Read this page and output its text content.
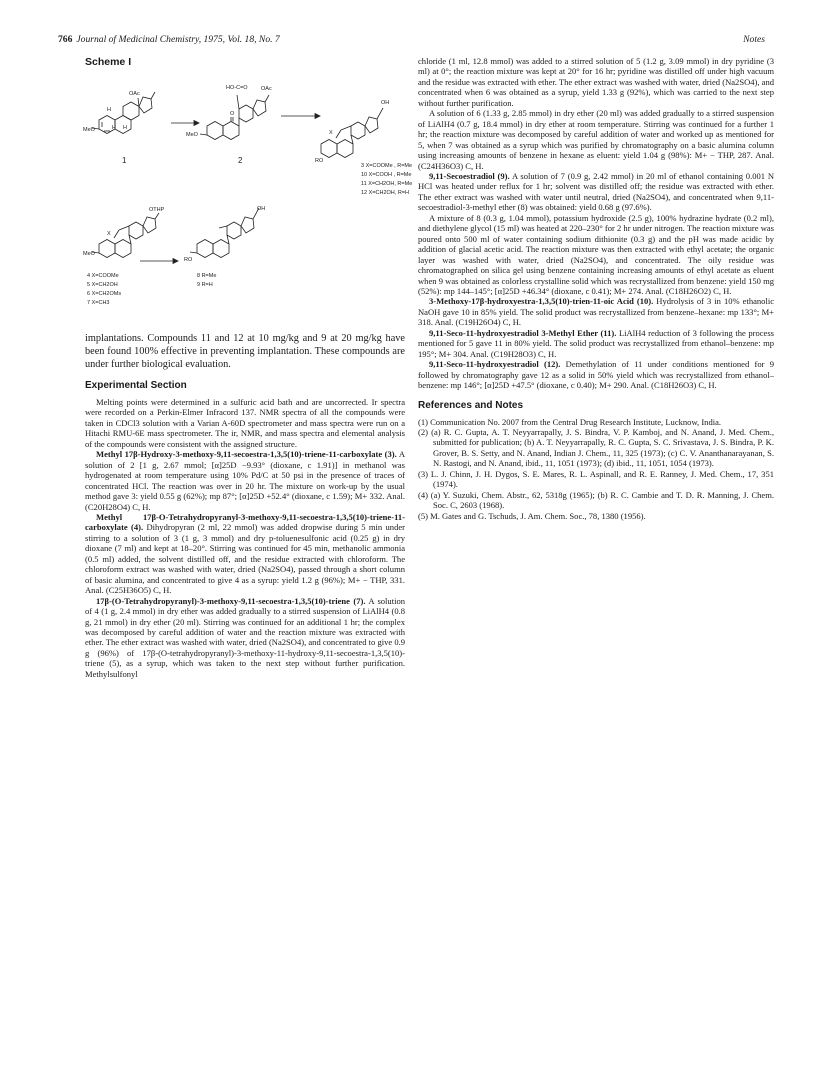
766 Journal of Medicinal Chemistry, 1975, Vol. 18, No. 7	Notes
Scheme I
OAc
HO-C=O OAc
OH
H
H H
O
MeO
MeO
RO
X
1	2
3 X=COOMe , R=Me
10 X=COOH , R=Me
11 X=CH2OH, R=Me
12 X=CH2OH, R=H
OTHP	OH
X
MeO
RO
4 X=COOMe
5 X=CH2OH
6 X=CH2OMs
7 X=CH3
8 R=Me
9 R=H

implantations. Compounds 11 and 12 at 10 mg/kg and 9 at 20 mg/kg have been found 100% effective in preventing implantation. These compounds are under further biological evaluation.

Experimental Section

Melting points were determined in a sulfuric acid bath and are uncorrected. Ir spectra were recorded on a Perkin-Elmer Infracord 137. NMR spectra of all the compounds were taken in CDCl3 solution with a Varian A-60D spectrometer and mass spectra were run on a Hitachi RMU-6E mass spectrometer. The ir, NMR, and mass spectra and elemental analysis of the compounds were consistent with the assigned structure.

Methyl 17β-Hydroxy-3-methoxy-9,11-secoestra-1,3,5(10)-triene-11-carboxylate (3). A solution of 2 [1 g, 2.67 mmol; [α]25D −9.93° (dioxane, c 1.91)] in methanol was hydrogenated at room temperature using 10% Pd/C at 50 psi in the presence of traces of concentrated HCl. The reaction was over in 20 hr. The mixture on work-up by the usual method gave 3: yield 0.55 g (62%); mp 87°; [α]25D +52.4° (dioxane, c 1.59); M+ 332. Anal. (C20H28O4) C, H.

Methyl 17β-O-Tetrahydropyranyl-3-methoxy-9,11-secoestra-1,3,5(10)-triene-11-carboxylate (4). Dihydropyran (2 ml, 22 mmol) was added dropwise during 5 min under stirring to a solution of 3 (1 g, 3 mmol) and dry p-toluenesulfonic acid (0.25 g) in dry dioxane (7 ml) and kept at 18–20°. Stirring was continued for 45 min, methanolic ammonia (0.5 ml) added, the solvent distilled off, and the residue extracted with chloroform. The chloroform extract was washed with water, dried (Na2SO4), passed through a short column of basic alumina, and concentrated to give 4 as a syrup: yield 1.2 g (96%); M+ − THP, 331. Anal. (C25H36O5) C, H.

17β-(O-Tetrahydropyranyl)-3-methoxy-9,11-secoestra-1,3,5(10)-triene (7). A solution of 4 (1 g, 2.4 mmol) in dry ether was added gradually to a stirred suspension of LiAlH4 (0.8 g, 21 mmol) in dry ether (20 ml). Stirring was continued for an additional 1 hr; the complex was decomposed by careful addition of water and the reaction mixture was extracted with ether. The ether extract was washed with water, dried (Na2SO4), and concentrated to give 0.9 g (96%) of 17β-(O-tetrahydropyranyl)-3-methoxy-11-hydroxy-9,11-secoestra-1,3,5(10)-triene (5), as a syrup, which was taken to the next step without further purification. Methylsulfonyl

chloride (1 ml, 12.8 mmol) was added to a stirred solution of 5 (1.2 g, 3.09 mmol) in dry pyridine (3 ml) at 0°; the reaction mixture was kept at 20° for 16 hr; pyridine was distilled off under high vacuum and the residue was extracted with ether. The ether extract was washed with water, dried (Na2SO4), and concentrated when 6 was obtained as a syrup, yield 1.33 g (92%), which was carried to the next step without further purification.

A solution of 6 (1.33 g, 2.85 mmol) in dry ether (20 ml) was added gradually to a stirred suspension of LiAlH4 (0.7 g, 18.4 mmol) in dry ether at room temperature. Stirring was continued for a further 1 hr; the reaction mixture was decomposed by careful addition of water and worked up as mentioned for 5, when 7 was obtained as a syrup which was purified by chromatography on a basic alumina column using increasing amounts of benzene in hexane as eluent: yield 1.04 g (98%): M+ − THP, 287. Anal. (C24H36O3) C, H.

9,11-Secoestradiol (9). A solution of 7 (0.9 g, 2.42 mmol) in 20 ml of ethanol containing 0.001 N HCl was heated under reflux for 1 hr; solvent was distilled off; the residue was extracted with ether. The ether extract was washed with water until neutral, dried (Na2SO4), and concentrated when 9,11-secoestradiol-3-methyl ether (8) was obtained: yield 0.68 g (97.6%).

A mixture of 8 (0.3 g, 1.04 mmol), potassium hydroxide (2.5 g), 100% hydrazine hydrate (0.2 ml), and diethylene glycol (15 ml) was heated at 220–230° for 2 hr under nitrogen. The reaction mixture was poured onto 500 ml of water containing sodium dithionite (0.3 g) and the pH was made acidic by addition of glacial acetic acid. The reaction mixture was then extracted with ethyl acetate; the organic layer was washed with water, dried (Na2SO4), and concentrated. The oily residue was chromatographed on silica gel using benzene containing increasing amounts of ethyl acetate as eluent when 9 was obtained as colorless crystalline solid which was recrystallized from benzene: yield 150 mg (52%): mp 144–145°; [α]25D +46.34° (dioxane, c 0.41); M+ 274. Anal. (C18H26O2) C, H.

3-Methoxy-17β-hydroxyestra-1,3,5(10)-trien-11-oic Acid (10). Hydrolysis of 3 in 10% ethanolic NaOH gave 10 in 85% yield. The solid product was recrystallized from benzene–hexane: mp 133°; M+ 318. Anal. (C19H26O4) C, H.

9,11-Seco-11-hydroxyestradiol 3-Methyl Ether (11). LiAlH4 reduction of 3 following the process mentioned for 5 gave 11 in 80% yield. The solid product was recrystallized from ethanol–benzene: mp 195°; M+ 304. Anal. (C19H28O3) C, H.

9,11-Seco-11-hydroxyestradiol (12). Demethylation of 11 under conditions mentioned for 9 followed by chromatography gave 12 as a solid in 50% yield which was recrystallized from ethanol–benzene: mp 146°; [α]25D +47.5° (dioxane, c 0.40); M+ 290. Anal. (C18H26O3) C, H.

References and Notes

(1) Communication No. 2007 from the Central Drug Research Institute, Lucknow, India.

(2) (a) R. C. Gupta, A. T. Neyyarrapally, J. S. Bindra, V. P. Kamboj, and N. Anand, J. Med. Chem., submitted for publication; (b) A. T. Neyyarrapally, R. C. Gupta, S. C. Srivastava, J. S. Bindra, P. K. Grover, B. S. Setty, and N. Anand, Indian J. Chem., 11, 325 (1973); (c) C. V. Ananthanarayanan, S. N. Rastogi, and N. Anand, ibid., 11, 1051 (1973); (d) ibid., 11, 1051, 1054 (1973).

(3) L. J. Chinn, J. H. Dygos, S. E. Mares, R. L. Aspinall, and R. E. Ranney, J. Med. Chem., 17, 351 (1974).

(4) (a) Y. Suzuki, Chem. Abstr., 62, 5318g (1965); (b) R. C. Cambie and T. D. R. Manning, J. Chem. Soc. C, 2603 (1968).

(5) M. Gates and G. Tschuds, J. Am. Chem. Soc., 78, 1380 (1956).
